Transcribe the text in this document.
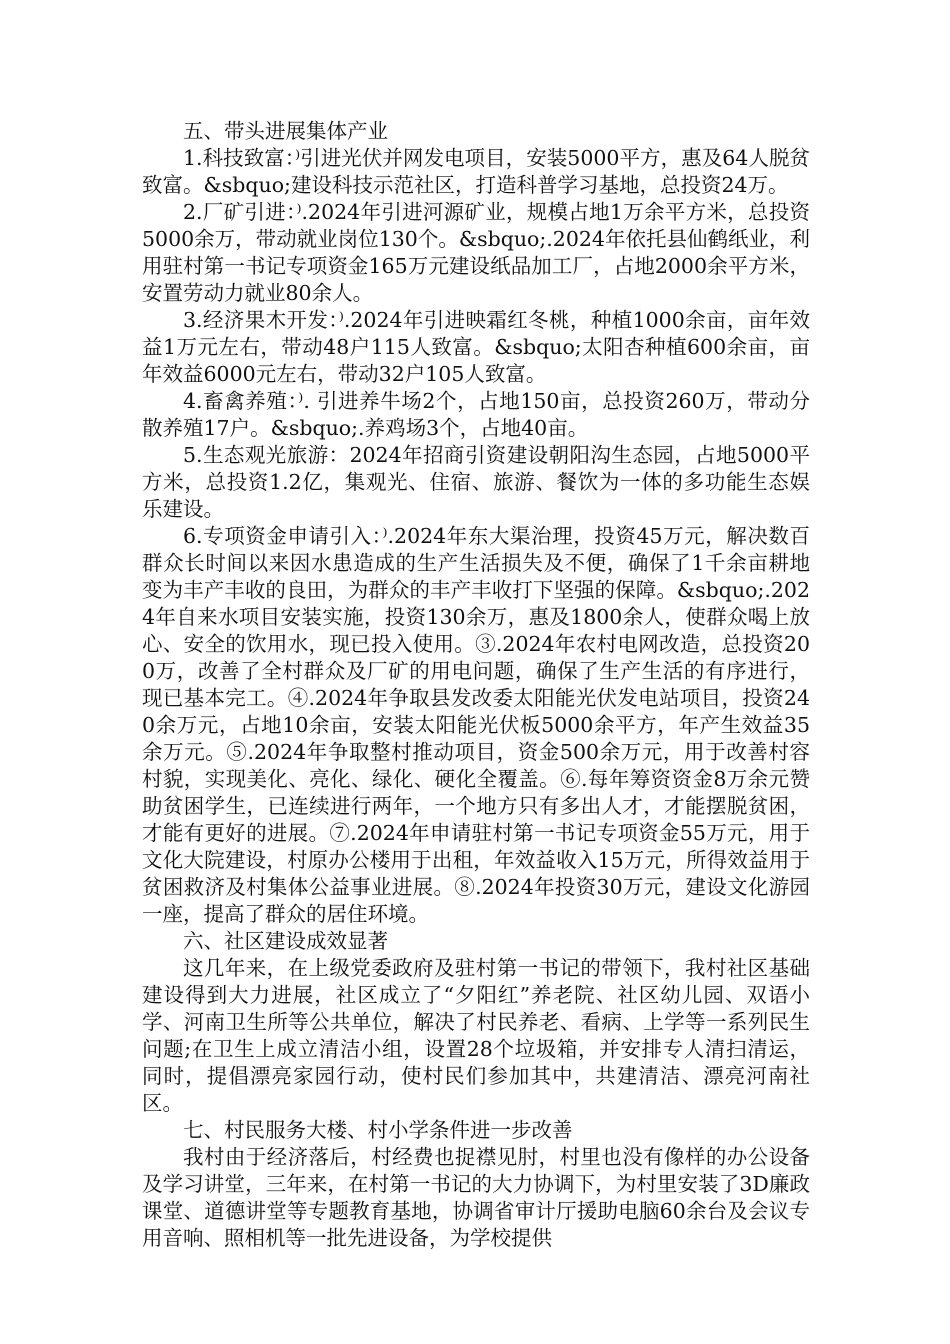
五、带头进展集体产业

1.科技致富：⁾引进光伏并网发电项目，安装5000平方，惠及64人脱贫致富。&sbquo;建设科技示范社区，打造科普学习基地，总投资24万。

2.厂矿引进：⁾.2024年引进河源矿业，规模占地1万余平方米，总投资5000余万，带动就业岗位130个。&sbquo;.2024年依托县仙鹤纸业，利用驻村第一书记专项资金165万元建设纸品加工厂，占地2000余平方米，安置劳动力就业80余人。

3.经济果木开发：⁾.2024年引进映霜红冬桃，种植1000余亩，亩年效益1万元左右，带动48户115人致富。&sbquo;太阳杏种植600余亩，亩年效益6000元左右，带动32户105人致富。

4.畜禽养殖：⁾. 引进养牛场2个，占地150亩，总投资260万，带动分散养殖17户。&sbquo;.养鸡场3个，占地40亩。

5.生态观光旅游：2024年招商引资建设朝阳沟生态园，占地5000平方米，总投资1.2亿，集观光、住宿、旅游、餐饮为一体的多功能生态娱乐建设。

6.专项资金申请引入：⁾.2024年东大渠治理，投资45万元，解决数百群众长时间以来因水患造成的生产生活损失及不便，确保了1千余亩耕地变为丰产丰收的良田，为群众的丰产丰收打下坚强的保障。&sbquo;.2024年自来水项目安装实施，投资130余万，惠及1800余人，使群众喝上放心、安全的饮用水，现已投入使用。③.2024年农村电网改造，总投资200万，改善了全村群众及厂矿的用电问题，确保了生产生活的有序进行，现已基本完工。④.2024年争取县发改委太阳能光伏发电站项目，投资240余万元，占地10余亩，安装太阳能光伏板5000余平方，年产生效益35余万元。⑤.2024年争取整村推动项目，资金500余万元，用于改善村容村貌，实现美化、亮化、绿化、硬化全覆盖。⑥.每年筹资资金8万余元赞助贫困学生，已连续进行两年，一个地方只有多出人才，才能摆脱贫困，才能有更好的进展。⑦.2024年申请驻村第一书记专项资金55万元，用于文化大院建设，村原办公楼用于出租，年效益收入15万元，所得效益用于贫困救济及村集体公益事业进展。⑧.2024年投资30万元，建设文化游园一座，提高了群众的居住环境。

六、社区建设成效显著

这几年来，在上级党委政府及驻村第一书记的带领下，我村社区基础建设得到大力进展，社区成立了“夕阳红”养老院、社区幼儿园、双语小学、河南卫生所等公共单位，解决了村民养老、看病、上学等一系列民生问题;在卫生上成立清洁小组，设置28个垃圾箱，并安排专人清扫清运，同时，提倡漂亮家园行动，使村民们参加其中，共建清洁、漂亮河南社区。

七、村民服务大楼、村小学条件进一步改善

我村由于经济落后，村经费也捉襟见肘，村里也没有像样的办公设备及学习讲堂，三年来，在村第一书记的大力协调下，为村里安装了3D廉政课堂、道德讲堂等专题教育基地，协调省审计厅援助电脑60余台及会议专用音响、照相机等一批先进设备，为学校提供
